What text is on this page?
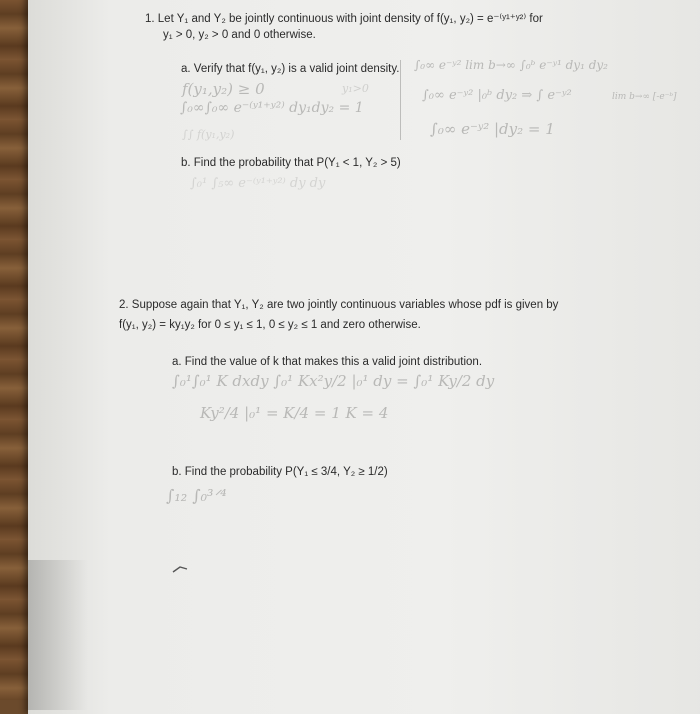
1. Let Y₁ and Y₂ be jointly continuous with joint density of f(y₁, y₂) = e⁻⁽ʸ¹⁺ʸ²⁾ for
y₁ > 0, y₂ > 0 and 0 otherwise.
a. Verify that f(y₁, y₂) is a valid joint density.
f(y₁,y₂) ≥ 0	y₁>0
∫₀∞∫₀∞ e⁻⁽ʸ¹⁺ʸ²⁾ dy₁dy₂ = 1
∫∫ f(y₁,y₂)
∫₀∞ e⁻ʸ² lim b→∞ ∫₀ᵇ e⁻ʸ¹ dy₁ dy₂
∫₀∞ e⁻ʸ² |₀ᵇ dy₂ ⇒ ∫ e⁻ʸ²	lim b→∞ [-e⁻ᵇ]
∫₀∞ e⁻ʸ² |dy₂ = 1
b. Find the probability that P(Y₁ < 1, Y₂ > 5)
∫₀¹ ∫₅∞ e⁻⁽ʸ¹⁺ʸ²⁾ dy dy
2. Suppose again that Y₁, Y₂ are two jointly continuous variables whose pdf is given by
f(y₁, y₂) = ky₁y₂ for 0 ≤ y₁ ≤ 1, 0 ≤ y₂ ≤ 1 and zero otherwise.
a. Find the value of k that makes this a valid joint distribution.
∫₀¹∫₀¹ K dxdy ∫₀¹ Kx²y/2 |₀¹ dy = ∫₀¹ Ky/2 dy
Ky²/4 |₀¹ = K/4 = 1 K = 4
b. Find the probability P(Y₁ ≤ 3/4, Y₂ ≥ 1/2)
∫₁₂ ∫₀³ᐟ⁴
